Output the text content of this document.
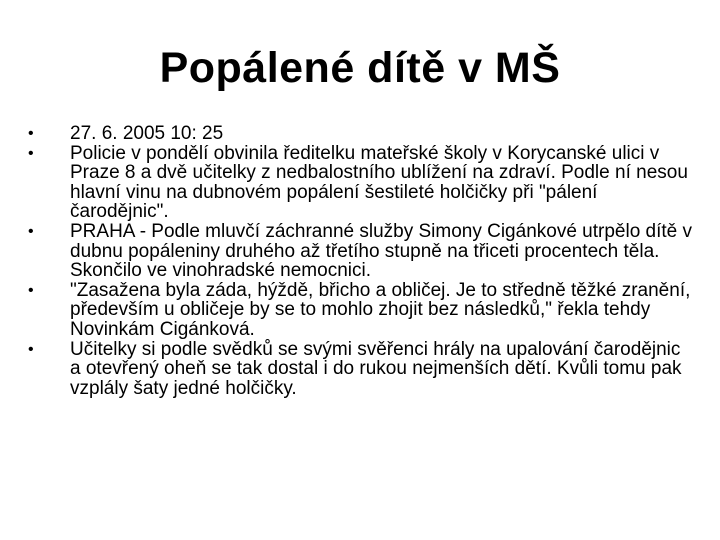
Popálené dítě v MŠ
•	27. 6. 2005 10: 25
•	Policie v pondělí obvinila ředitelku mateřské školy v Korycanské ulici v Praze 8 a dvě učitelky z nedbalostního ublížení na zdraví. Podle ní nesou hlavní vinu na dubnovém popálení šestileté holčičky při "pálení čarodějnic".
•	PRAHA - Podle mluvčí záchranné služby Simony Cigánkové utrpělo dítě v dubnu popáleniny druhého až třetího stupně na třiceti procentech těla. Skončilo ve vinohradské nemocnici.
•	"Zasažena byla záda, hýždě, břicho a obličej. Je to středně těžké zranění, především u obličeje by se to mohlo zhojit bez následků," řekla tehdy Novinkám Cigánková.
•	Učitelky si podle svědků se svými svěřenci hrály na upalování čarodějnic a otevřený oheň se tak dostal i do rukou nejmenších dětí. Kvůli tomu pak vzplály šaty jedné holčičky.
